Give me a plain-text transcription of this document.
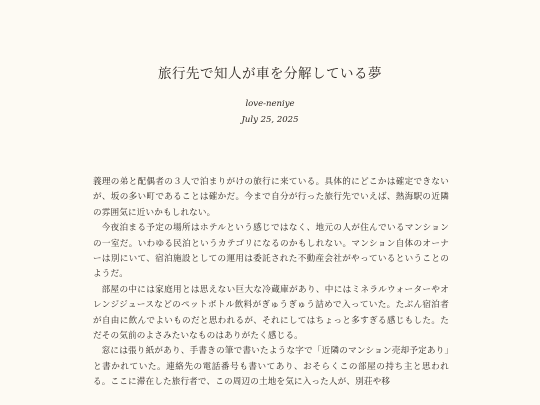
旅行先で知人が車を分解している夢
love-neniye
July 25, 2025

義理の弟と配偶者の３人で泊まりがけの旅行に来ている。具体的にどこかは確定できないが、坂の多い町であることは確かだ。今まで自分が行った旅行先でいえば、熱海駅の近隣の雰囲気に近いかもしれない。

今夜泊まる予定の場所はホテルという感じではなく、地元の人が住んでいるマンションの一室だ。いわゆる民泊というカテゴリになるのかもしれない。マンション自体のオーナーは別にいて、宿泊施設としての運用は委託された不動産会社がやっているということのようだ。

部屋の中には家庭用とは思えない巨大な冷蔵庫があり、中にはミネラルウォーターやオレンジジュースなどのペットボトル飲料がぎゅうぎゅう詰めで入っていた。たぶん宿泊者が自由に飲んでよいものだと思われるが、それにしてはちょっと多すぎる感じもした。ただその気前のよさみたいなものはありがたく感じる。

窓には張り紙があり、手書きの筆で書いたような字で「近隣のマンション売却予定あり」と書かれていた。連絡先の電話番号も書いてあり、おそらくこの部屋の持ち主と思われる。ここに滞在した旅行者で、この周辺の土地を気に入った人が、別荘や移
